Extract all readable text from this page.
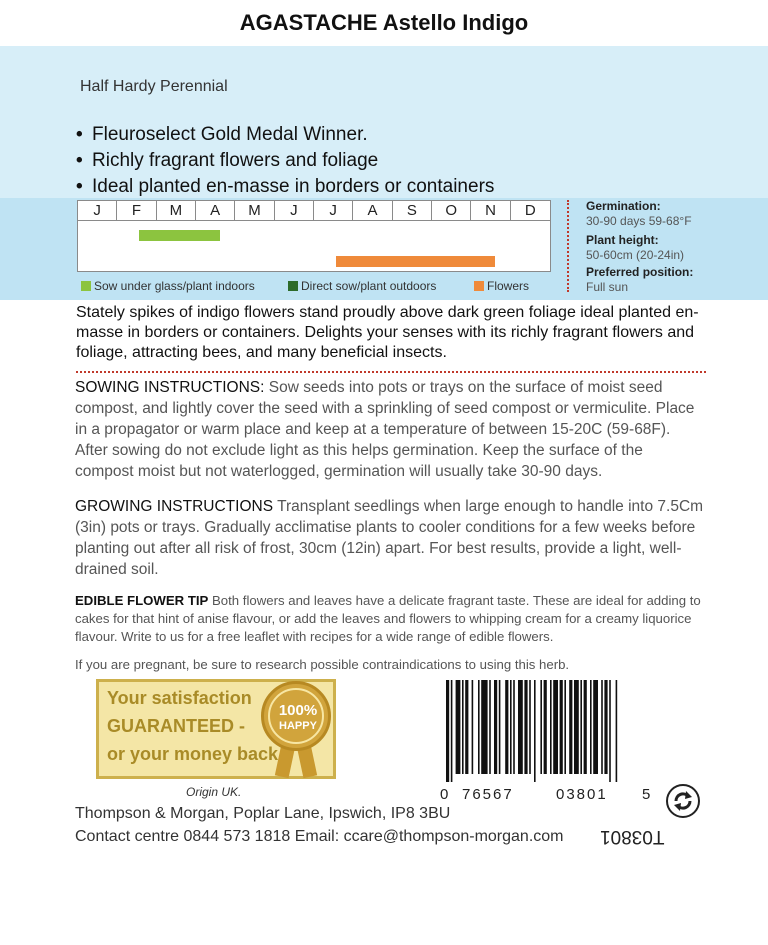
AGASTACHE Astello Indigo
Half Hardy Perennial
• Fleuroselect Gold Medal Winner.
• Richly fragrant flowers and foliage
• Ideal planted en-masse in borders or containers
J	F	M	A	M	J	J	A	S	O	N	D
Sow under glass/plant indoors	Direct sow/plant outdoors	Flowers
Germination:
30-90 days 59-68°F
Plant height:
50-60cm (20-24in)
Preferred position:
Full sun
Stately spikes of indigo flowers stand proudly above dark green foliage ideal planted en-masse in borders or containers. Delights your senses with its richly fragrant flowers and foliage, attracting bees, and many beneficial insects.
SOWING INSTRUCTIONS: Sow seeds into pots or trays on the surface of moist seed compost, and lightly cover the seed with a sprinkling of seed compost or vermiculite. Place in a propagator or warm place and keep at a temperature of between 15-20C (59-68F). After sowing do not exclude light as this helps germination. Keep the surface of the compost moist but not waterlogged, germination will usually take 30-90 days.
GROWING INSTRUCTIONS Transplant seedlings when large enough to handle into 7.5Cm (3in) pots or trays. Gradually acclimatise plants to cooler conditions for a few weeks before planting out after all risk of frost, 30cm (12in) apart. For best results, provide a light, well-drained soil.
EDIBLE FLOWER TIP Both flowers and leaves have a delicate fragrant taste. These are ideal for adding to cakes for that hint of anise flavour, or add the leaves and flowers to whipping cream for a creamy liquorice flavour. Write to us for a free leaflet with recipes for a wide range of edible flowers.
If you are pregnant, be sure to research possible contraindications to using this herb.
Your satisfaction
GUARANTEED -
or your money back
100%
HAPPY
Origin UK.
Thompson & Morgan, Poplar Lane, Ipswich, IP8 3BU
Contact centre 0844 573 1818 Email: ccare@thompson-morgan.com
0 76567	03801 5
T03801
